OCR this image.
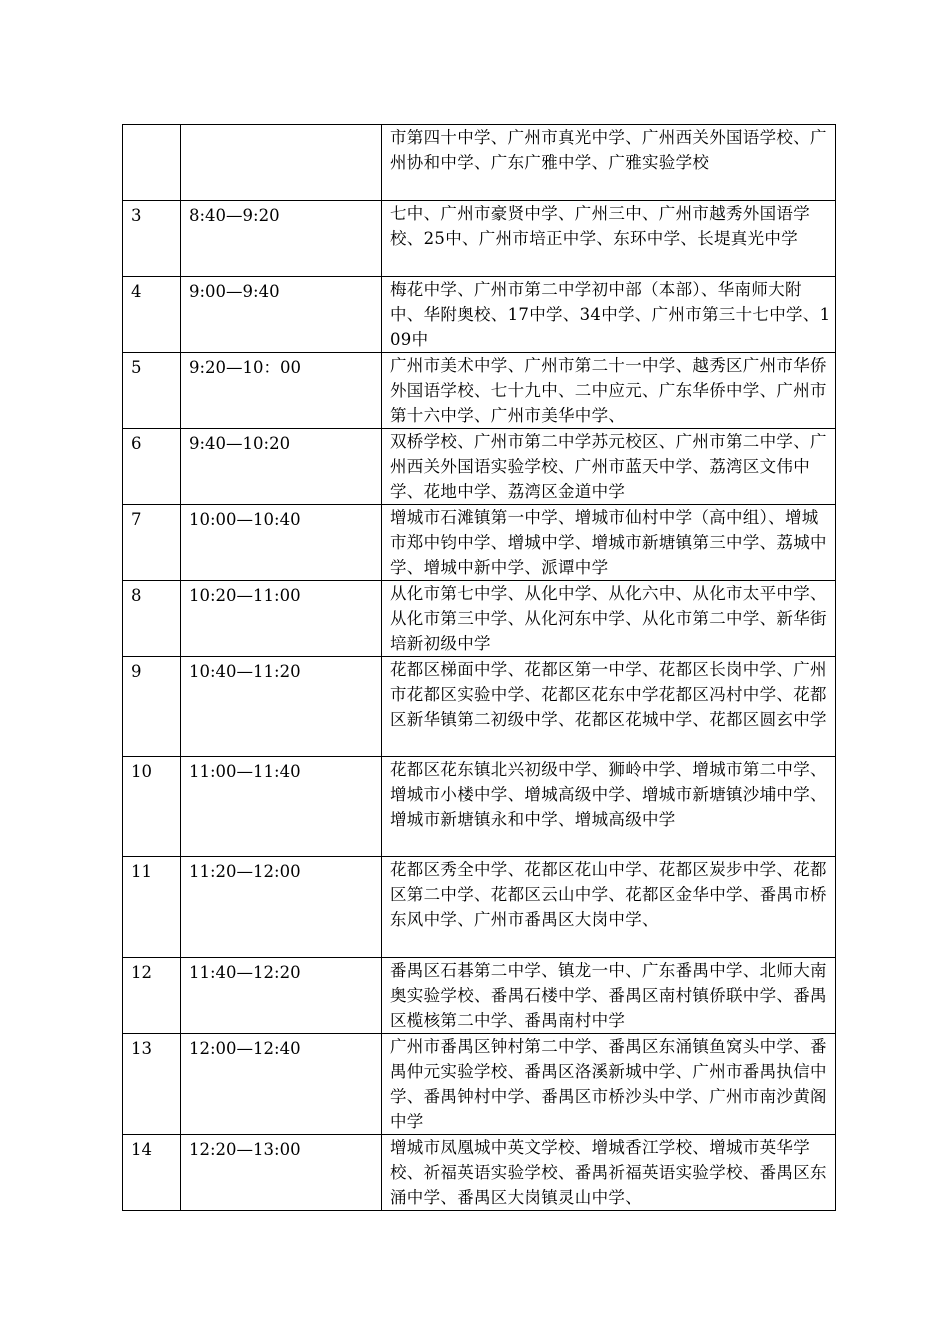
		市第四十中学、广州市真光中学、广州西关外国语学校、广州协和中学、广东广雅中学、广雅实验学校
3	8:40—9:20	七中、广州市豪贤中学、广州三中、广州市越秀外国语学校、25中、广州市培正中学、东环中学、长堤真光中学
4	9:00—9:40	梅花中学、广州市第二中学初中部（本部）、华南师大附中、华附奥校、17中学、34中学、广州市第三十七中学、109中
5	9:20—10：00	广州市美术中学、广州市第二十一中学、越秀区广州市华侨外国语学校、七十九中、二中应元、广东华侨中学、广州市第十六中学、广州市美华中学、
6	9:40—10:20	双桥学校、广州市第二中学苏元校区、广州市第二中学、广州西关外国语实验学校、广州市蓝天中学、荔湾区文伟中学、花地中学、荔湾区金道中学
7	10:00—10:40	增城市石滩镇第一中学、增城市仙村中学（高中组）、增城市郑中钧中学、增城中学、增城市新塘镇第三中学、荔城中学、增城中新中学、派谭中学
8	10:20—11:00	从化市第七中学、从化中学、从化六中、从化市太平中学、从化市第三中学、从化河东中学、从化市第二中学、新华街培新初级中学
9	10:40—11:20	花都区梯面中学、花都区第一中学、花都区长岗中学、广州市花都区实验中学、花都区花东中学花都区冯村中学、花都区新华镇第二初级中学、花都区花城中学、花都区圆玄中学
10	11:00—11:40	花都区花东镇北兴初级中学、狮岭中学、增城市第二中学、增城市小楼中学、增城高级中学、增城市新塘镇沙埔中学、增城市新塘镇永和中学、增城高级中学
11	11:20—12:00	花都区秀全中学、花都区花山中学、花都区炭步中学、花都区第二中学、花都区云山中学、花都区金华中学、番禺市桥东风中学、广州市番禺区大岗中学、
12	11:40—12:20	番禺区石碁第二中学、镇龙一中、广东番禺中学、北师大南奥实验学校、番禺石楼中学、番禺区南村镇侨联中学、番禺区榄核第二中学、番禺南村中学
13	12:00—12:40	广州市番禺区钟村第二中学、番禺区东涌镇鱼窝头中学、番禺仲元实验学校、番禺区洛溪新城中学、广州市番禺执信中学、番禺钟村中学、番禺区市桥沙头中学、广州市南沙黄阁中学
14	12:20—13:00	增城市凤凰城中英文学校、增城香江学校、增城市英华学校、祈福英语实验学校、番禺祈福英语实验学校、番禺区东涌中学、番禺区大岗镇灵山中学、
